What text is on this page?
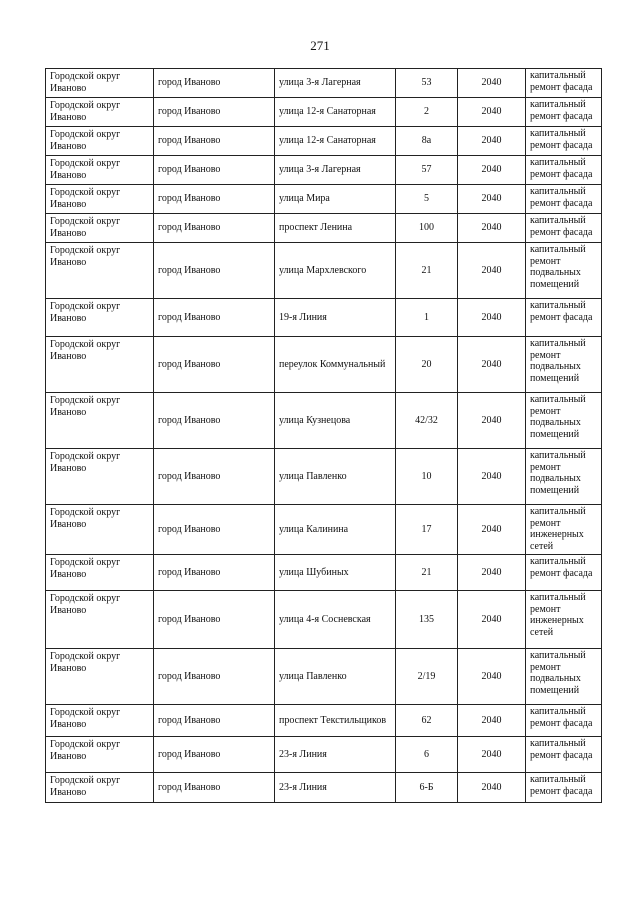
271
Городской округ Иваново	город Иваново	улица 3-я Лагерная	53	2040	капитальный ремонт фасада
Городской округ Иваново	город Иваново	улица 12-я Санаторная	2	2040	капитальный ремонт фасада
Городской округ Иваново	город Иваново	улица 12-я Санаторная	8а	2040	капитальный ремонт фасада
Городской округ Иваново	город Иваново	улица 3-я Лагерная	57	2040	капитальный ремонт фасада
Городской округ Иваново	город Иваново	улица Мира	5	2040	капитальный ремонт фасада
Городской округ Иваново	город Иваново	проспект Ленина	100	2040	капитальный ремонт фасада
Городской округ Иваново	город Иваново	улица Мархлевского	21	2040	капитальный ремонт подвальных помещений
Городской округ Иваново	город Иваново	19-я Линия	1	2040	капитальный ремонт фасада
Городской округ Иваново	город Иваново	переулок Коммунальный	20	2040	капитальный ремонт подвальных помещений
Городской округ Иваново	город Иваново	улица Кузнецова	42/32	2040	капитальный ремонт подвальных помещений
Городской округ Иваново	город Иваново	улица Павленко	10	2040	капитальный ремонт подвальных помещений
Городской округ Иваново	город Иваново	улица Калинина	17	2040	капитальный ремонт инженерных сетей
Городской округ Иваново	город Иваново	улица Шубиных	21	2040	капитальный ремонт фасада
Городской округ Иваново	город Иваново	улица 4-я Сосневская	135	2040	капитальный ремонт инженерных сетей
Городской округ Иваново	город Иваново	улица Павленко	2/19	2040	капитальный ремонт подвальных помещений
Городской округ Иваново	город Иваново	проспект Текстильщиков	62	2040	капитальный ремонт фасада
Городской округ Иваново	город Иваново	23-я Линия	6	2040	капитальный ремонт фасада
Городской округ Иваново	город Иваново	23-я Линия	6-Б	2040	капитальный ремонт фасада
